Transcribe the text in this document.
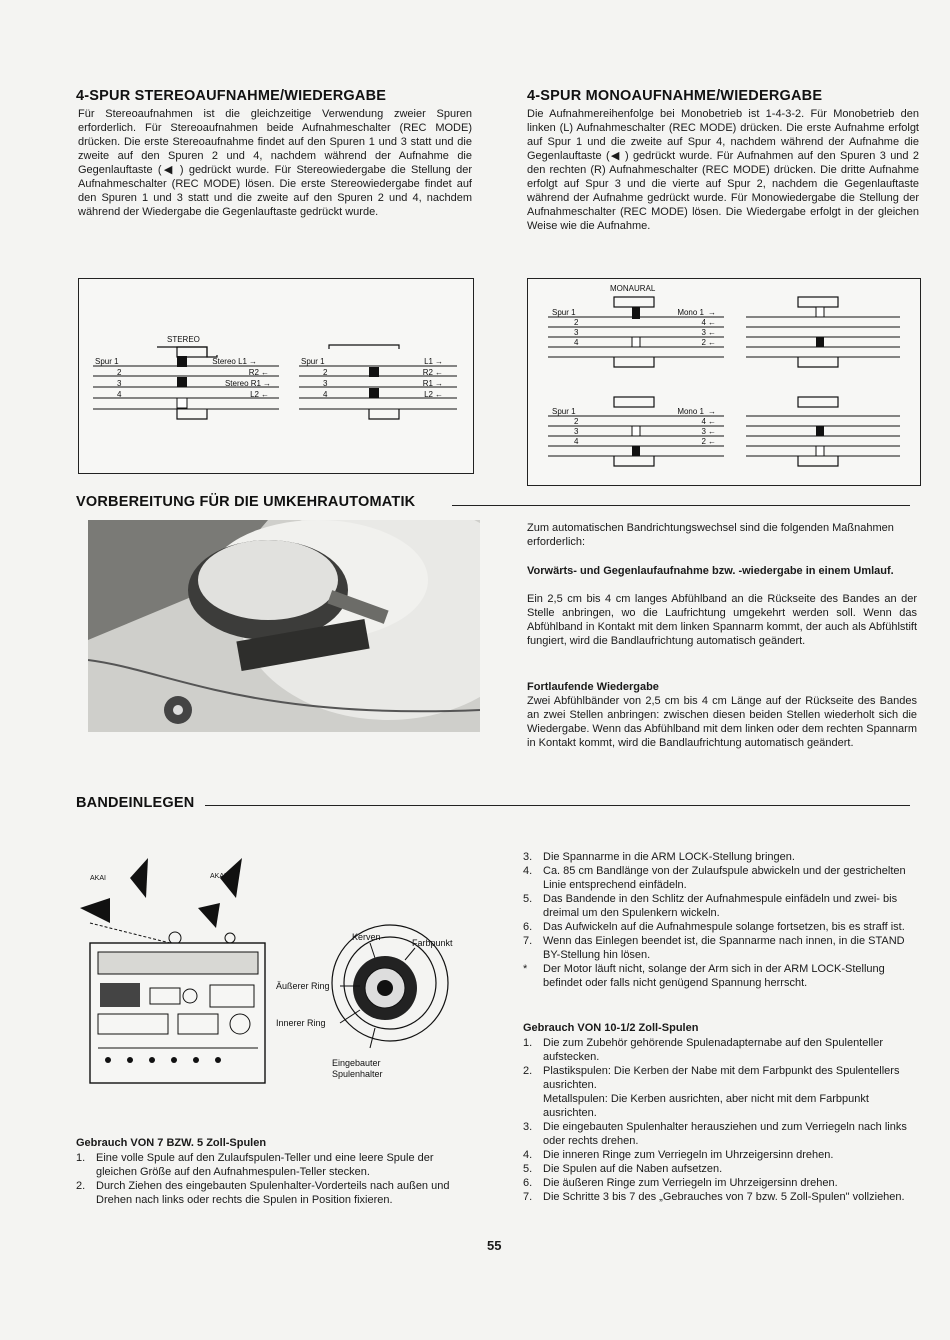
4-SPUR STEREOAUFNAHME/WIEDERGABE

Für Stereoaufnahmen ist die gleichzeitige Verwendung zweier Spuren erforderlich. Für Stereoaufnahmen beide Aufnahmeschalter (REC MODE) drücken. Die erste Stereoaufnahme findet auf den Spuren 1 und 3 statt und die zweite auf den Spuren 2 und 4, nachdem während der Aufnahme die Gegenlauftaste (◀ ) gedrückt wurde. Für Stereowiedergabe die Stellung der Aufnahmeschalter (REC MODE) lösen. Die erste Stereowiedergabe findet auf den Spuren 1 und 3 statt und die zweite auf den Spuren 2 und 4, nachdem während der Wiedergabe die Gegenlauftaste gedrückt wurde.

4-SPUR MONOAUFNAHME/WIEDERGABE

Die Aufnahmereihenfolge bei Monobetrieb ist 1-4-3-2. Für Monobetrieb den linken (L) Aufnahmeschalter (REC MODE) drücken. Die erste Aufnahme erfolgt auf Spur 1 und die zweite auf Spur 4, nachdem während der Aufnahme die Gegenlauftaste (◀ ) gedrückt wurde. Für Aufnahmen auf den Spuren 3 und 2 den rechten (R) Aufnahmeschalter (REC MODE) drücken. Die dritte Aufnahme erfolgt auf Spur 3 und die vierte auf Spur 2, nachdem die Gegenlauftaste während der Aufnahme gedrückt wurde. Für Monowiedergabe die Stellung der Aufnahmeschalter (REC MODE) lösen. Die Wiedergabe erfolgt in der gleichen Weise wie die Aufnahme.

STEREO
Spur 1
2
3
4
Stereo L1
R2
Stereo R1
L2
→
←
→
←
Spur 1
2
3
4
L1
R2
R1
L2
→
←
→
←
MONAURAL
Spur 1
2
3
4
Mono 1
4
3
2
→
←
←
←
Spur 1
2
3
4
Mono 1
4
3
2
→
←
←
←
VORBEREITUNG FÜR DIE UMKEHRAUTOMATIK

Zum automatischen Bandrichtungswechsel sind die folgenden Maßnahmen erforderlich:

Vorwärts- und Gegenlaufaufnahme bzw. -wiedergabe in einem Umlauf.

Ein 2,5 cm bis 4 cm langes Abfühlband an die Rückseite des Bandes an der Stelle anbringen, wo die Laufrichtung umgekehrt werden soll. Wenn das Abfühlband in Kontakt mit dem linken Spannarm kommt, der auch als Abfühlstift fungiert, wird die Bandlaufrichtung automatisch geändert.

Fortlaufende Wiedergabe

Zwei Abfühlbänder von 2,5 cm bis 4 cm Länge auf der Rückseite des Bandes an zwei Stellen anbringen: zwischen diesen beiden Stellen wiederholt sich die Wiedergabe. Wenn das Abfühlband mit dem linken oder dem rechten Spannarm in Kontakt kommt, wird die Bandlaufrichtung automatisch geändert.

BANDEINLEGEN
AKAI	AKAI
Kerven
Farbpunkt
Äußerer Ring
Innerer Ring
Eingebauter
Spulenhalter

Gebrauch VON 7 BZW. 5 Zoll-Spulen

1. Eine volle Spule auf den Zulaufspulen-Teller und eine leere Spule der gleichen Größe auf den Aufnahmespulen-Teller stecken.
2. Durch Ziehen des eingebauten Spulenhalter-Vorderteils nach außen und Drehen nach links oder rechts die Spulen in Position fixieren.
3. Die Spannarme in die ARM LOCK-Stellung bringen.
4. Ca. 85 cm Bandlänge von der Zulaufspule abwickeln und der gestrichelten Linie entsprechend einfädeln.
5. Das Bandende in den Schlitz der Aufnahmespule einfädeln und zwei- bis dreimal um den Spulenkern wickeln.
6. Das Aufwickeln auf die Aufnahmespule solange fortsetzen, bis es straff ist.
7. Wenn das Einlegen beendet ist, die Spannarme nach innen, in die STAND BY-Stellung hin lösen.
* Der Motor läuft nicht, solange der Arm sich in der ARM LOCK-Stellung befindet oder falls nicht genügend Spannung herrscht.

Gebrauch VON 10-1/2 Zoll-Spulen

1. Die zum Zubehör gehörende Spulenadapternabe auf den Spulenteller aufstecken.
2. Plastikspulen: Die Kerben der Nabe mit dem Farbpunkt des Spulentellers ausrichten.
Metallspulen: Die Kerben ausrichten, aber nicht mit dem Farbpunkt ausrichten.
3. Die eingebauten Spulenhalter herausziehen und zum Verriegeln nach links oder rechts drehen.
4. Die inneren Ringe zum Verriegeln im Uhrzeigersinn drehen.
5. Die Spulen auf die Naben aufsetzen.
6. Die äußeren Ringe zum Verriegeln im Uhrzeigersinn drehen.
7. Die Schritte 3 bis 7 des „Gebrauches von 7 bzw. 5 Zoll-Spulen" vollziehen.
55
